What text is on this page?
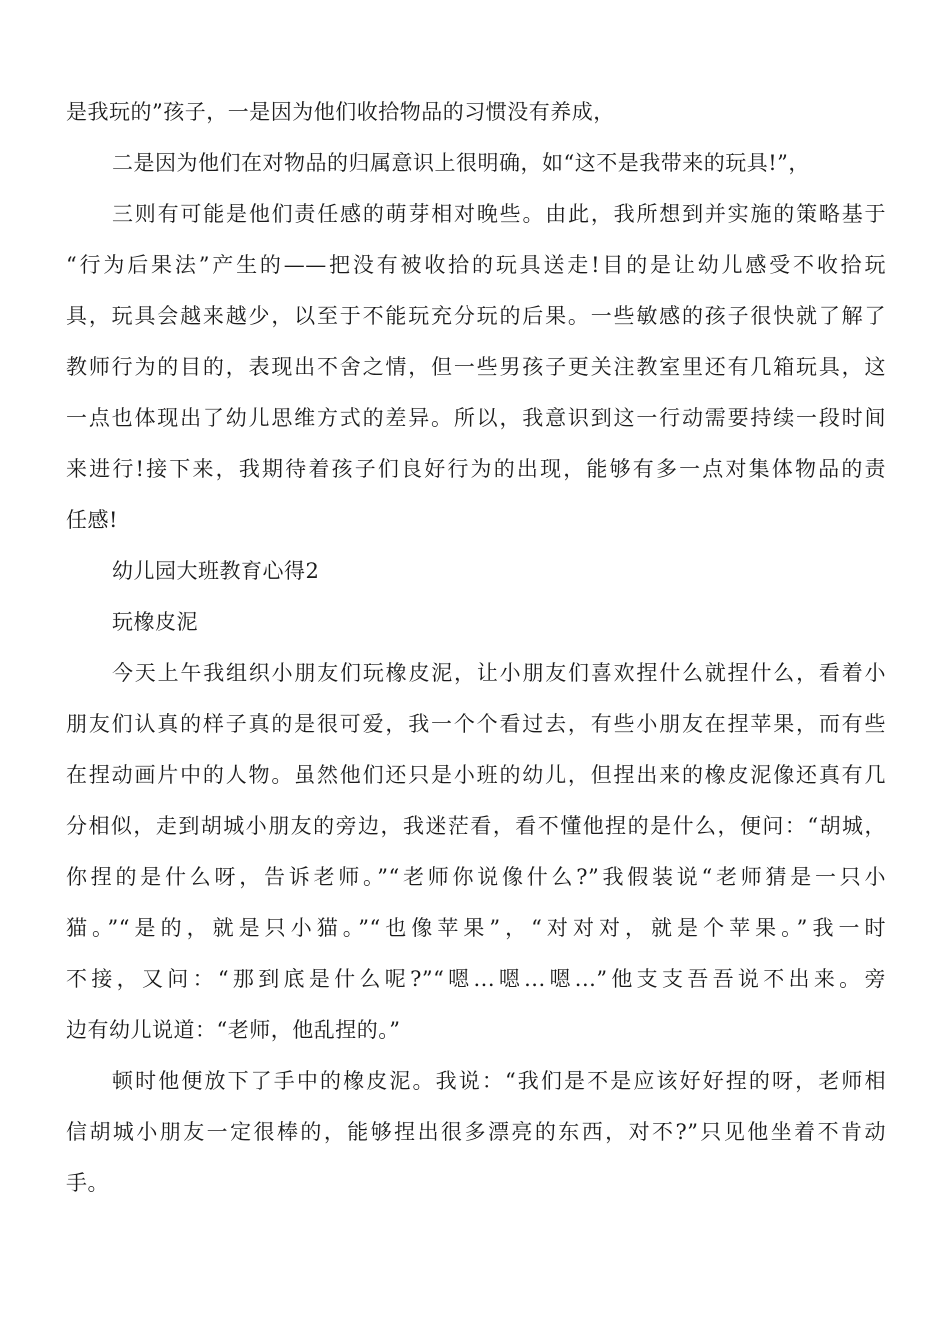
是我玩的”孩子，一是因为他们收拾物品的习惯没有养成，
二是因为他们在对物品的归属意识上很明确，如“这不是我带来的玩具!”，
三则有可能是他们责任感的萌芽相对晚些。由此，我所想到并实施的策略基于
“行为后果法”产生的——把没有被收拾的玩具送走!目的是让幼儿感受不收拾玩
具，玩具会越来越少，以至于不能玩充分玩的后果。一些敏感的孩子很快就了解了
教师行为的目的，表现出不舍之情，但一些男孩子更关注教室里还有几箱玩具，这
一点也体现出了幼儿思维方式的差异。所以，我意识到这一行动需要持续一段时间
来进行!接下来，我期待着孩子们良好行为的出现，能够有多一点对集体物品的责
任感!
幼儿园大班教育心得2
玩橡皮泥
今天上午我组织小朋友们玩橡皮泥，让小朋友们喜欢捏什么就捏什么，看着小
朋友们认真的样子真的是很可爱，我一个个看过去，有些小朋友在捏苹果，而有些
在捏动画片中的人物。虽然他们还只是小班的幼儿，但捏出来的橡皮泥像还真有几
分相似，走到胡城小朋友的旁边，我迷茫看，看不懂他捏的是什么，便问：“胡城，
你捏的是什么呀，告诉老师。”“老师你说像什么?”我假装说“老师猜是一只小
猫。”“是的，就是只小猫。”“也像苹果”，“对对对，就是个苹果。”我一时
不接，又问：“那到底是什么呢?”“嗯...嗯...嗯...”他支支吾吾说不出来。旁
边有幼儿说道：“老师，他乱捏的。”
顿时他便放下了手中的橡皮泥。我说：“我们是不是应该好好捏的呀，老师相
信胡城小朋友一定很棒的，能够捏出很多漂亮的东西，对不?”只见他坐着不肯动
手。
